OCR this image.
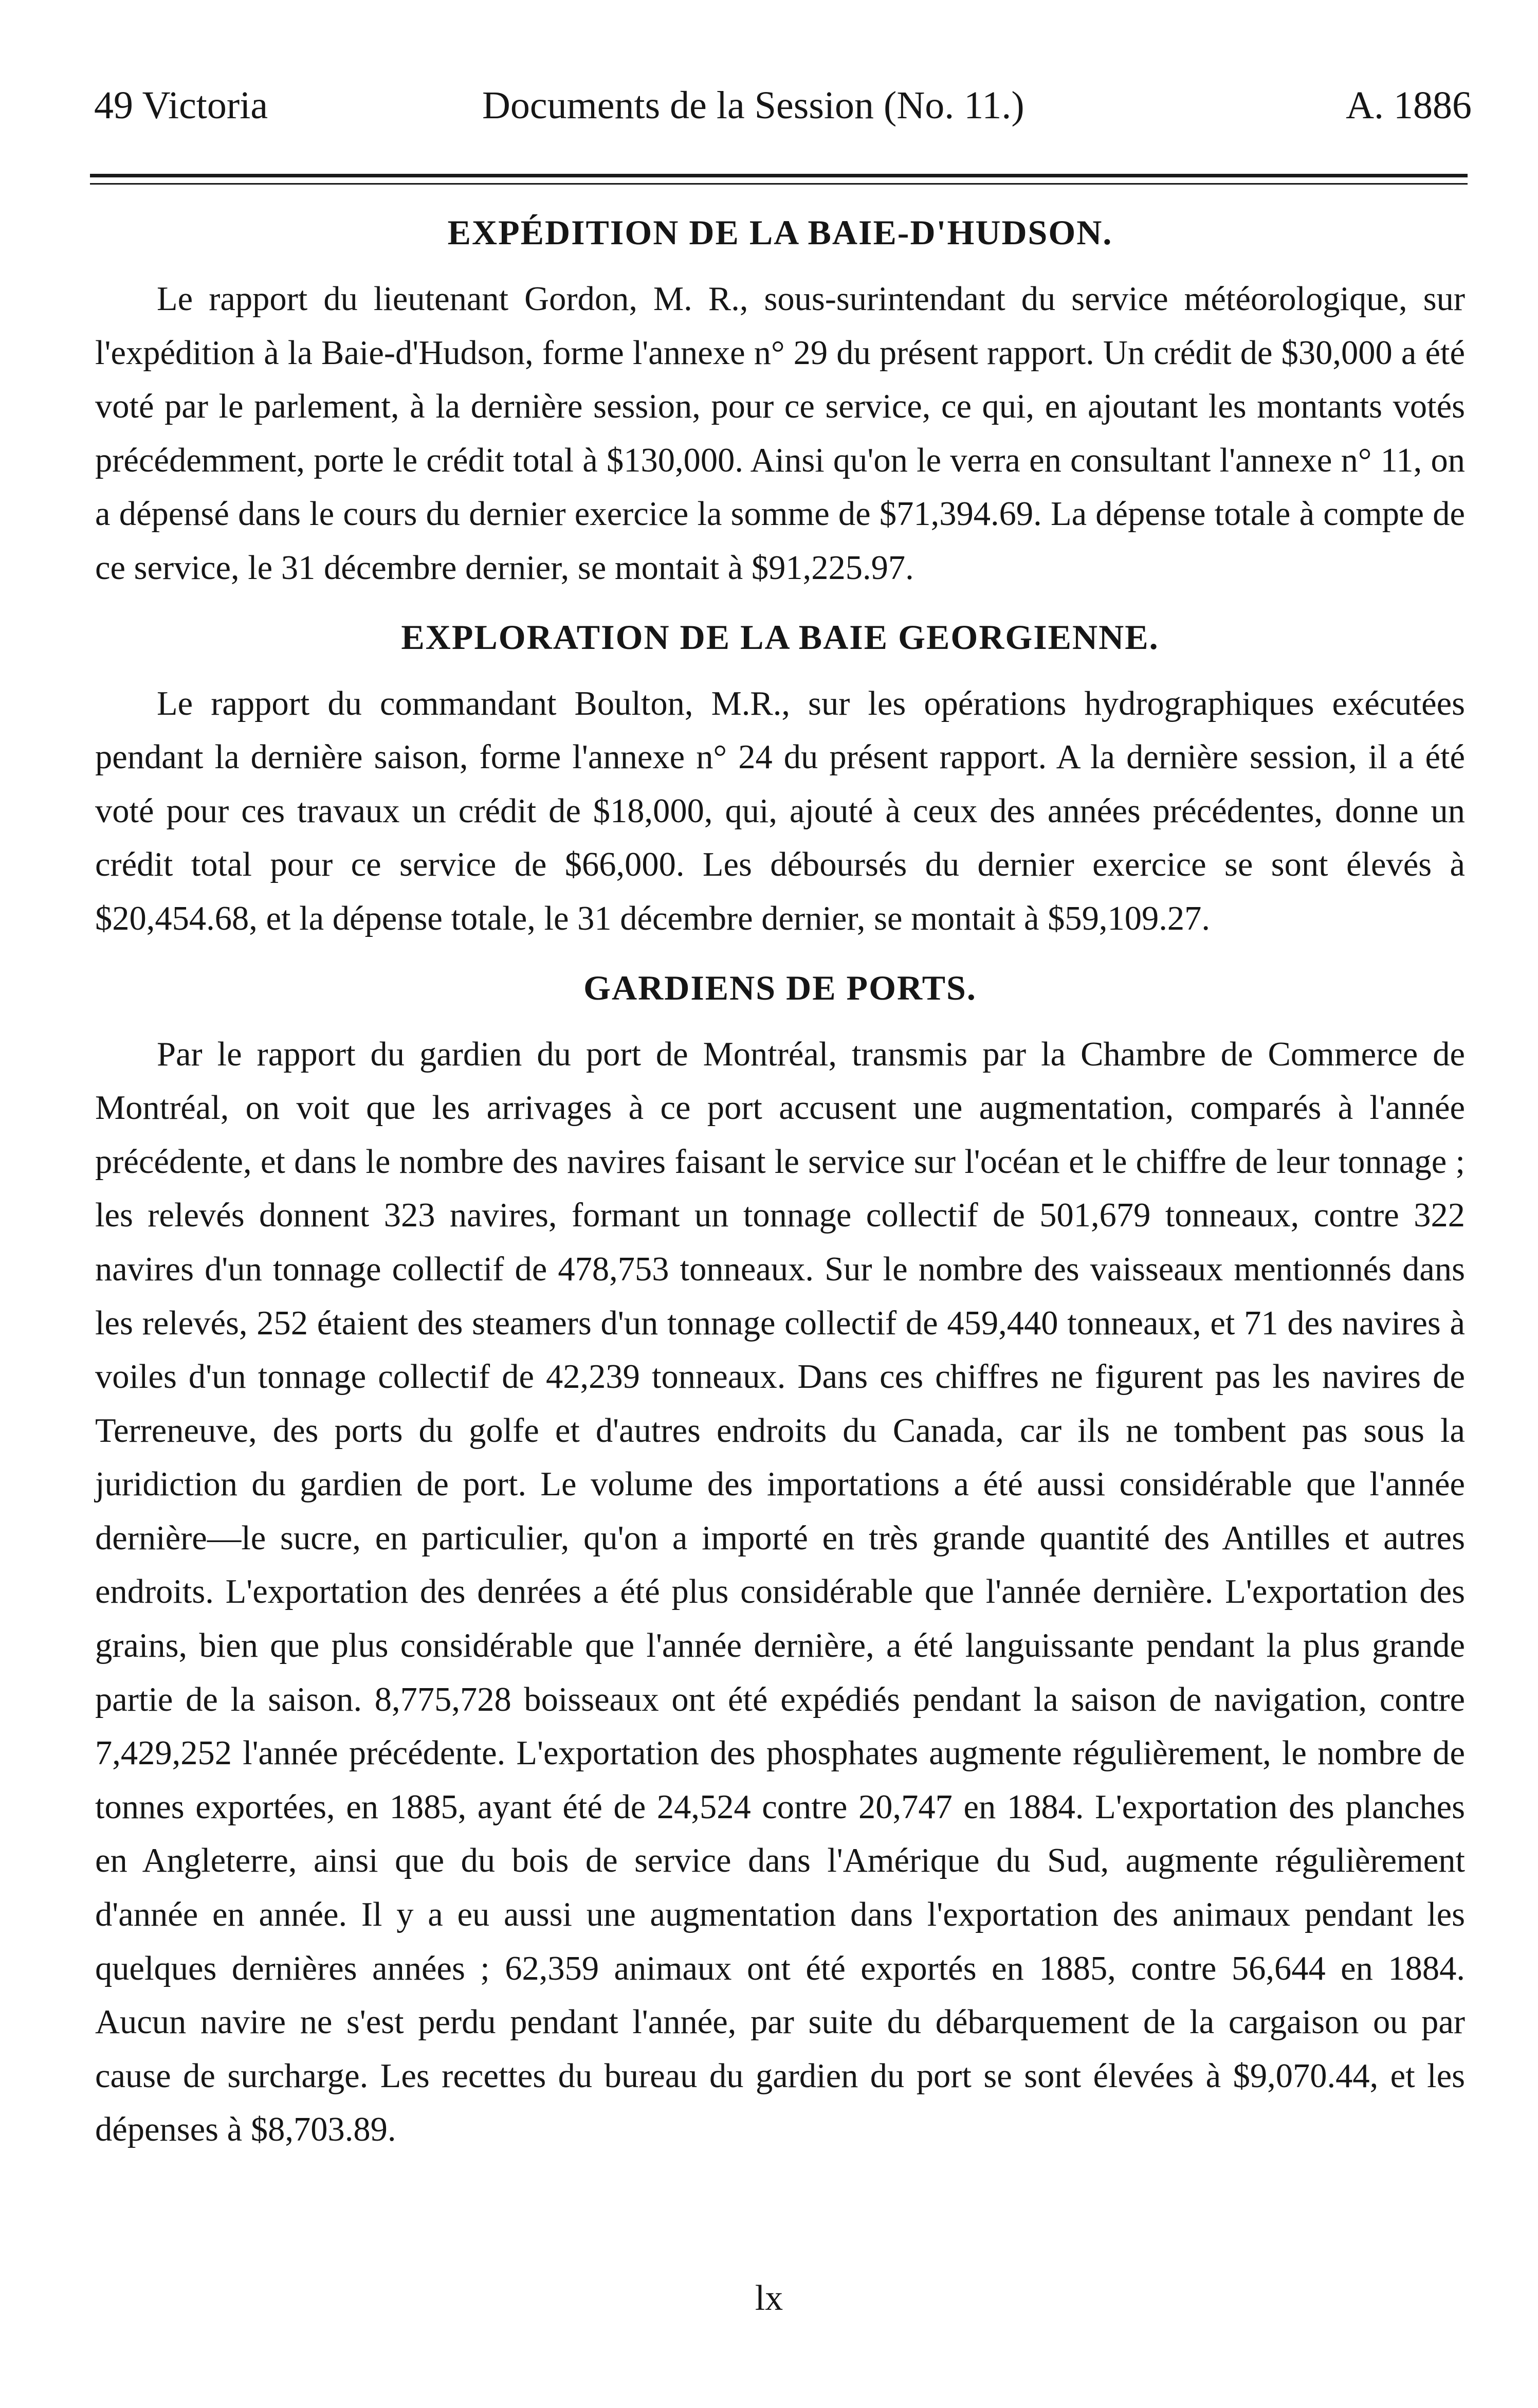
49 Victoria	Documents de la Session (No. 11.)	A. 1886
EXPÉDITION DE LA BAIE-D'HUDSON.

Le rapport du lieutenant Gordon, M. R., sous-surintendant du service météorologique, sur l'expédition à la Baie-d'Hudson, forme l'annexe n° 29 du présent rapport. Un crédit de $30,000 a été voté par le parlement, à la dernière session, pour ce service, ce qui, en ajoutant les montants votés précédemment, porte le crédit total à $130,000. Ainsi qu'on le verra en consultant l'annexe n° 11, on a dépensé dans le cours du dernier exercice la somme de $71,394.69. La dépense totale à compte de ce service, le 31 décembre dernier, se montait à $91,225.97.

EXPLORATION DE LA BAIE GEORGIENNE.

Le rapport du commandant Boulton, M.R., sur les opérations hydrographiques exécutées pendant la dernière saison, forme l'annexe n° 24 du présent rapport. A la dernière session, il a été voté pour ces travaux un crédit de $18,000, qui, ajouté à ceux des années précédentes, donne un crédit total pour ce service de $66,000. Les déboursés du dernier exercice se sont élevés à $20,454.68, et la dépense totale, le 31 décembre dernier, se montait à $59,109.27.

GARDIENS DE PORTS.

Par le rapport du gardien du port de Montréal, transmis par la Chambre de Commerce de Montréal, on voit que les arrivages à ce port accusent une augmentation, comparés à l'année précédente, et dans le nombre des navires faisant le service sur l'océan et le chiffre de leur tonnage ; les relevés donnent 323 navires, formant un tonnage collectif de 501,679 tonneaux, contre 322 navires d'un tonnage collectif de 478,753 tonneaux. Sur le nombre des vaisseaux mentionnés dans les relevés, 252 étaient des steamers d'un tonnage collectif de 459,440 tonneaux, et 71 des navires à voiles d'un tonnage collectif de 42,239 tonneaux. Dans ces chiffres ne figurent pas les navires de Terreneuve, des ports du golfe et d'autres endroits du Canada, car ils ne tombent pas sous la juridiction du gardien de port. Le volume des importations a été aussi considérable que l'année dernière—le sucre, en particulier, qu'on a importé en très grande quantité des Antilles et autres endroits. L'exportation des denrées a été plus considérable que l'année dernière. L'exportation des grains, bien que plus considérable que l'année dernière, a été languissante pendant la plus grande partie de la saison. 8,775,728 boisseaux ont été expédiés pendant la saison de navigation, contre 7,429,252 l'année précédente. L'exportation des phosphates augmente régulièrement, le nombre de tonnes exportées, en 1885, ayant été de 24,524 contre 20,747 en 1884. L'exportation des planches en Angleterre, ainsi que du bois de service dans l'Amérique du Sud, augmente régulièrement d'année en année. Il y a eu aussi une augmentation dans l'exportation des animaux pendant les quelques dernières années ; 62,359 animaux ont été exportés en 1885, contre 56,644 en 1884. Aucun navire ne s'est perdu pendant l'année, par suite du débarquement de la cargaison ou par cause de surcharge. Les recettes du bureau du gardien du port se sont élevées à $9,070.44, et les dépenses à $8,703.89.

lx
